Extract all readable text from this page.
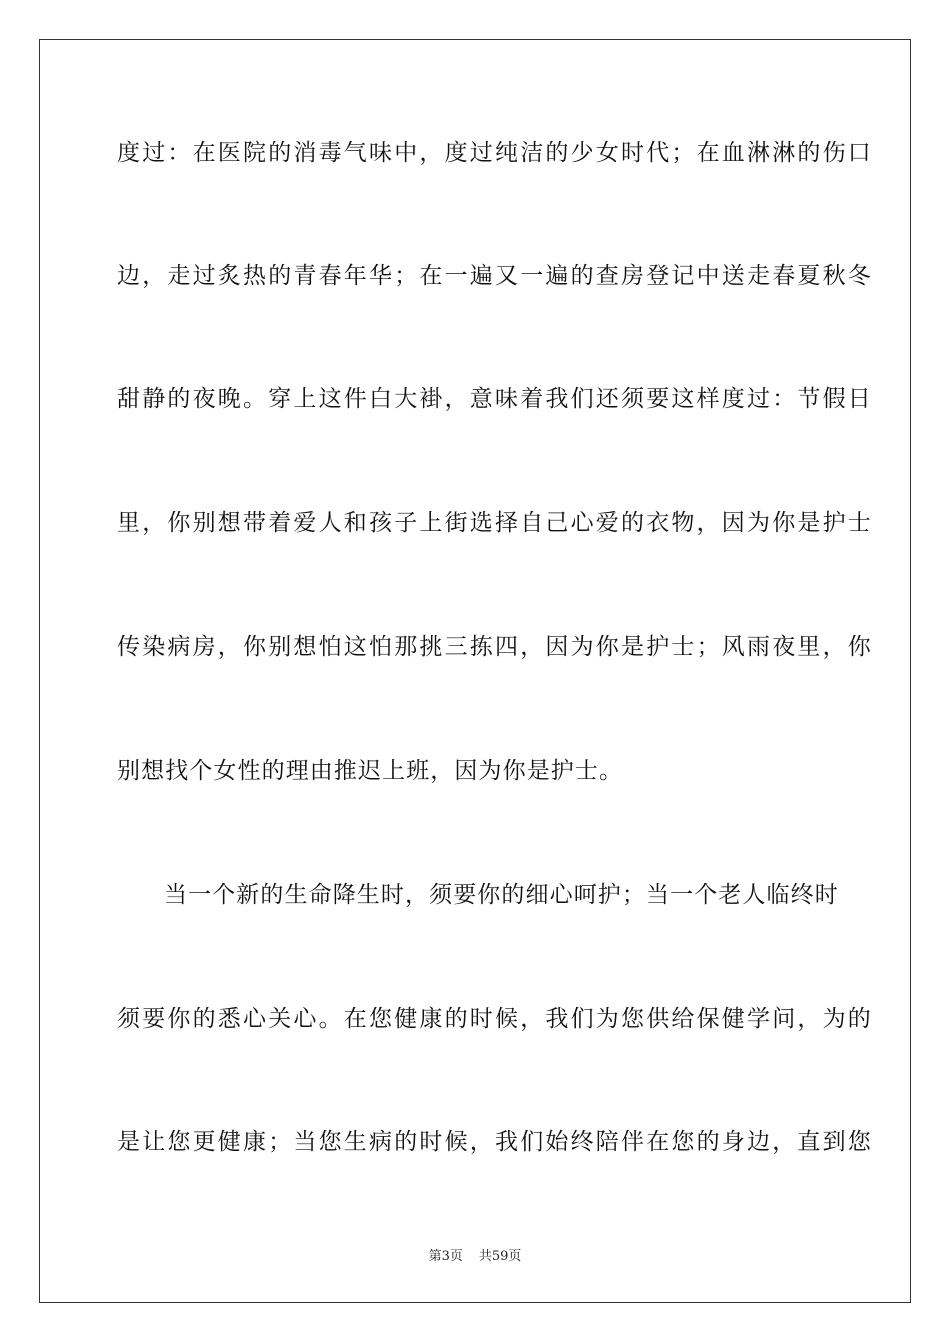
度过：在医院的消毒气味中，度过纯洁的少女时代；在血淋淋的伤口
边，走过炙热的青春年华；在一遍又一遍的查房登记中送走春夏秋冬
甜静的夜晚。穿上这件白大褂，意味着我们还须要这样度过：节假日
里，你别想带着爱人和孩子上街选择自己心爱的衣物，因为你是护士
传染病房，你别想怕这怕那挑三拣四，因为你是护士；风雨夜里，你
别想找个女性的理由推迟上班，因为你是护士。
当一个新的生命降生时，须要你的细心呵护；当一个老人临终时
须要你的悉心关心。在您健康的时候，我们为您供给保健学问，为的
是让您更健康；当您生病的时候，我们始终陪伴在您的身边，直到您
第3页 共59页
